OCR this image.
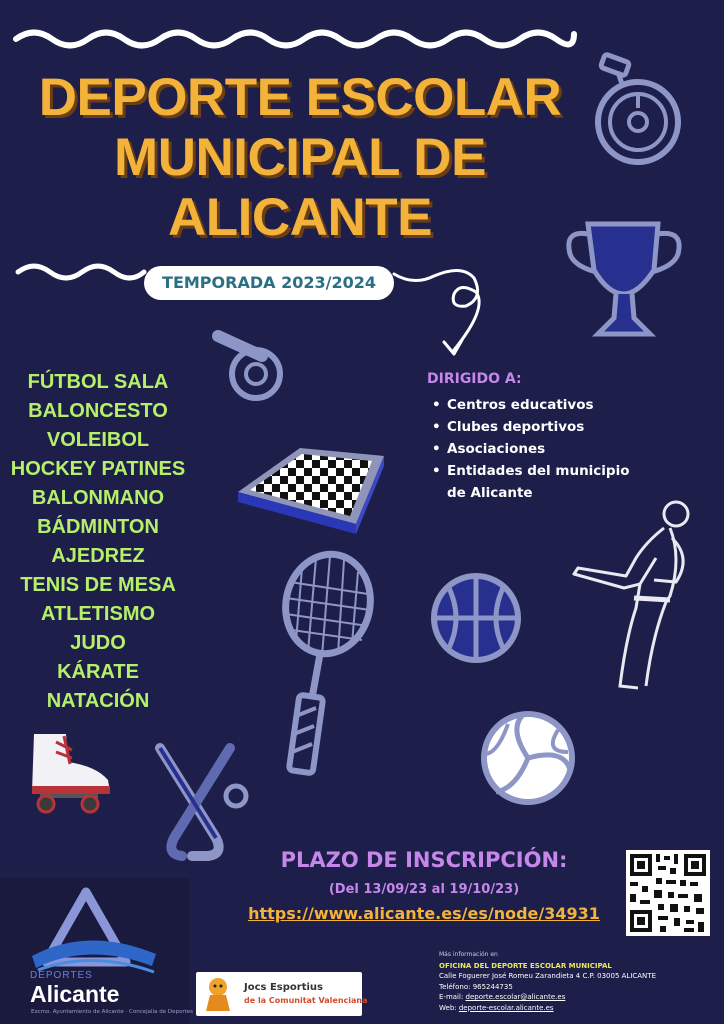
DEPORTE ESCOLAR
MUNICIPAL DE
ALICANTE
TEMPORADA 2023/2024
FÚTBOL SALA
BALONCESTO
VOLEIBOL
HOCKEY PATINES
BALONMANO
BÁDMINTON
AJEDREZ
TENIS DE MESA
ATLETISMO
JUDO
KÁRATE
NATACIÓN
DIRIGIDO A:
• Centros educativos
• Clubes deportivos
• Asociaciones
• Entidades del municipio
de Alicante
PLAZO DE INSCRIPCIÓN:
(Del 13/09/23 al 19/10/23)
https://www.alicante.es/es/node/34931
DEPORTES
Alicante
Excmo. Ayuntamiento de Alicante · Concejalía de Deportes
Jocs Esportius
de la Comunitat Valenciana
Más información en
OFICINA DEL DEPORTE ESCOLAR MUNICIPAL
Calle Foguerer José Romeu Zarandieta 4 C.P. 03005 ALICANTE
Teléfono: 965244735
E-mail: deporte.escolar@alicante.es
Web: deporte-escolar.alicante.es
